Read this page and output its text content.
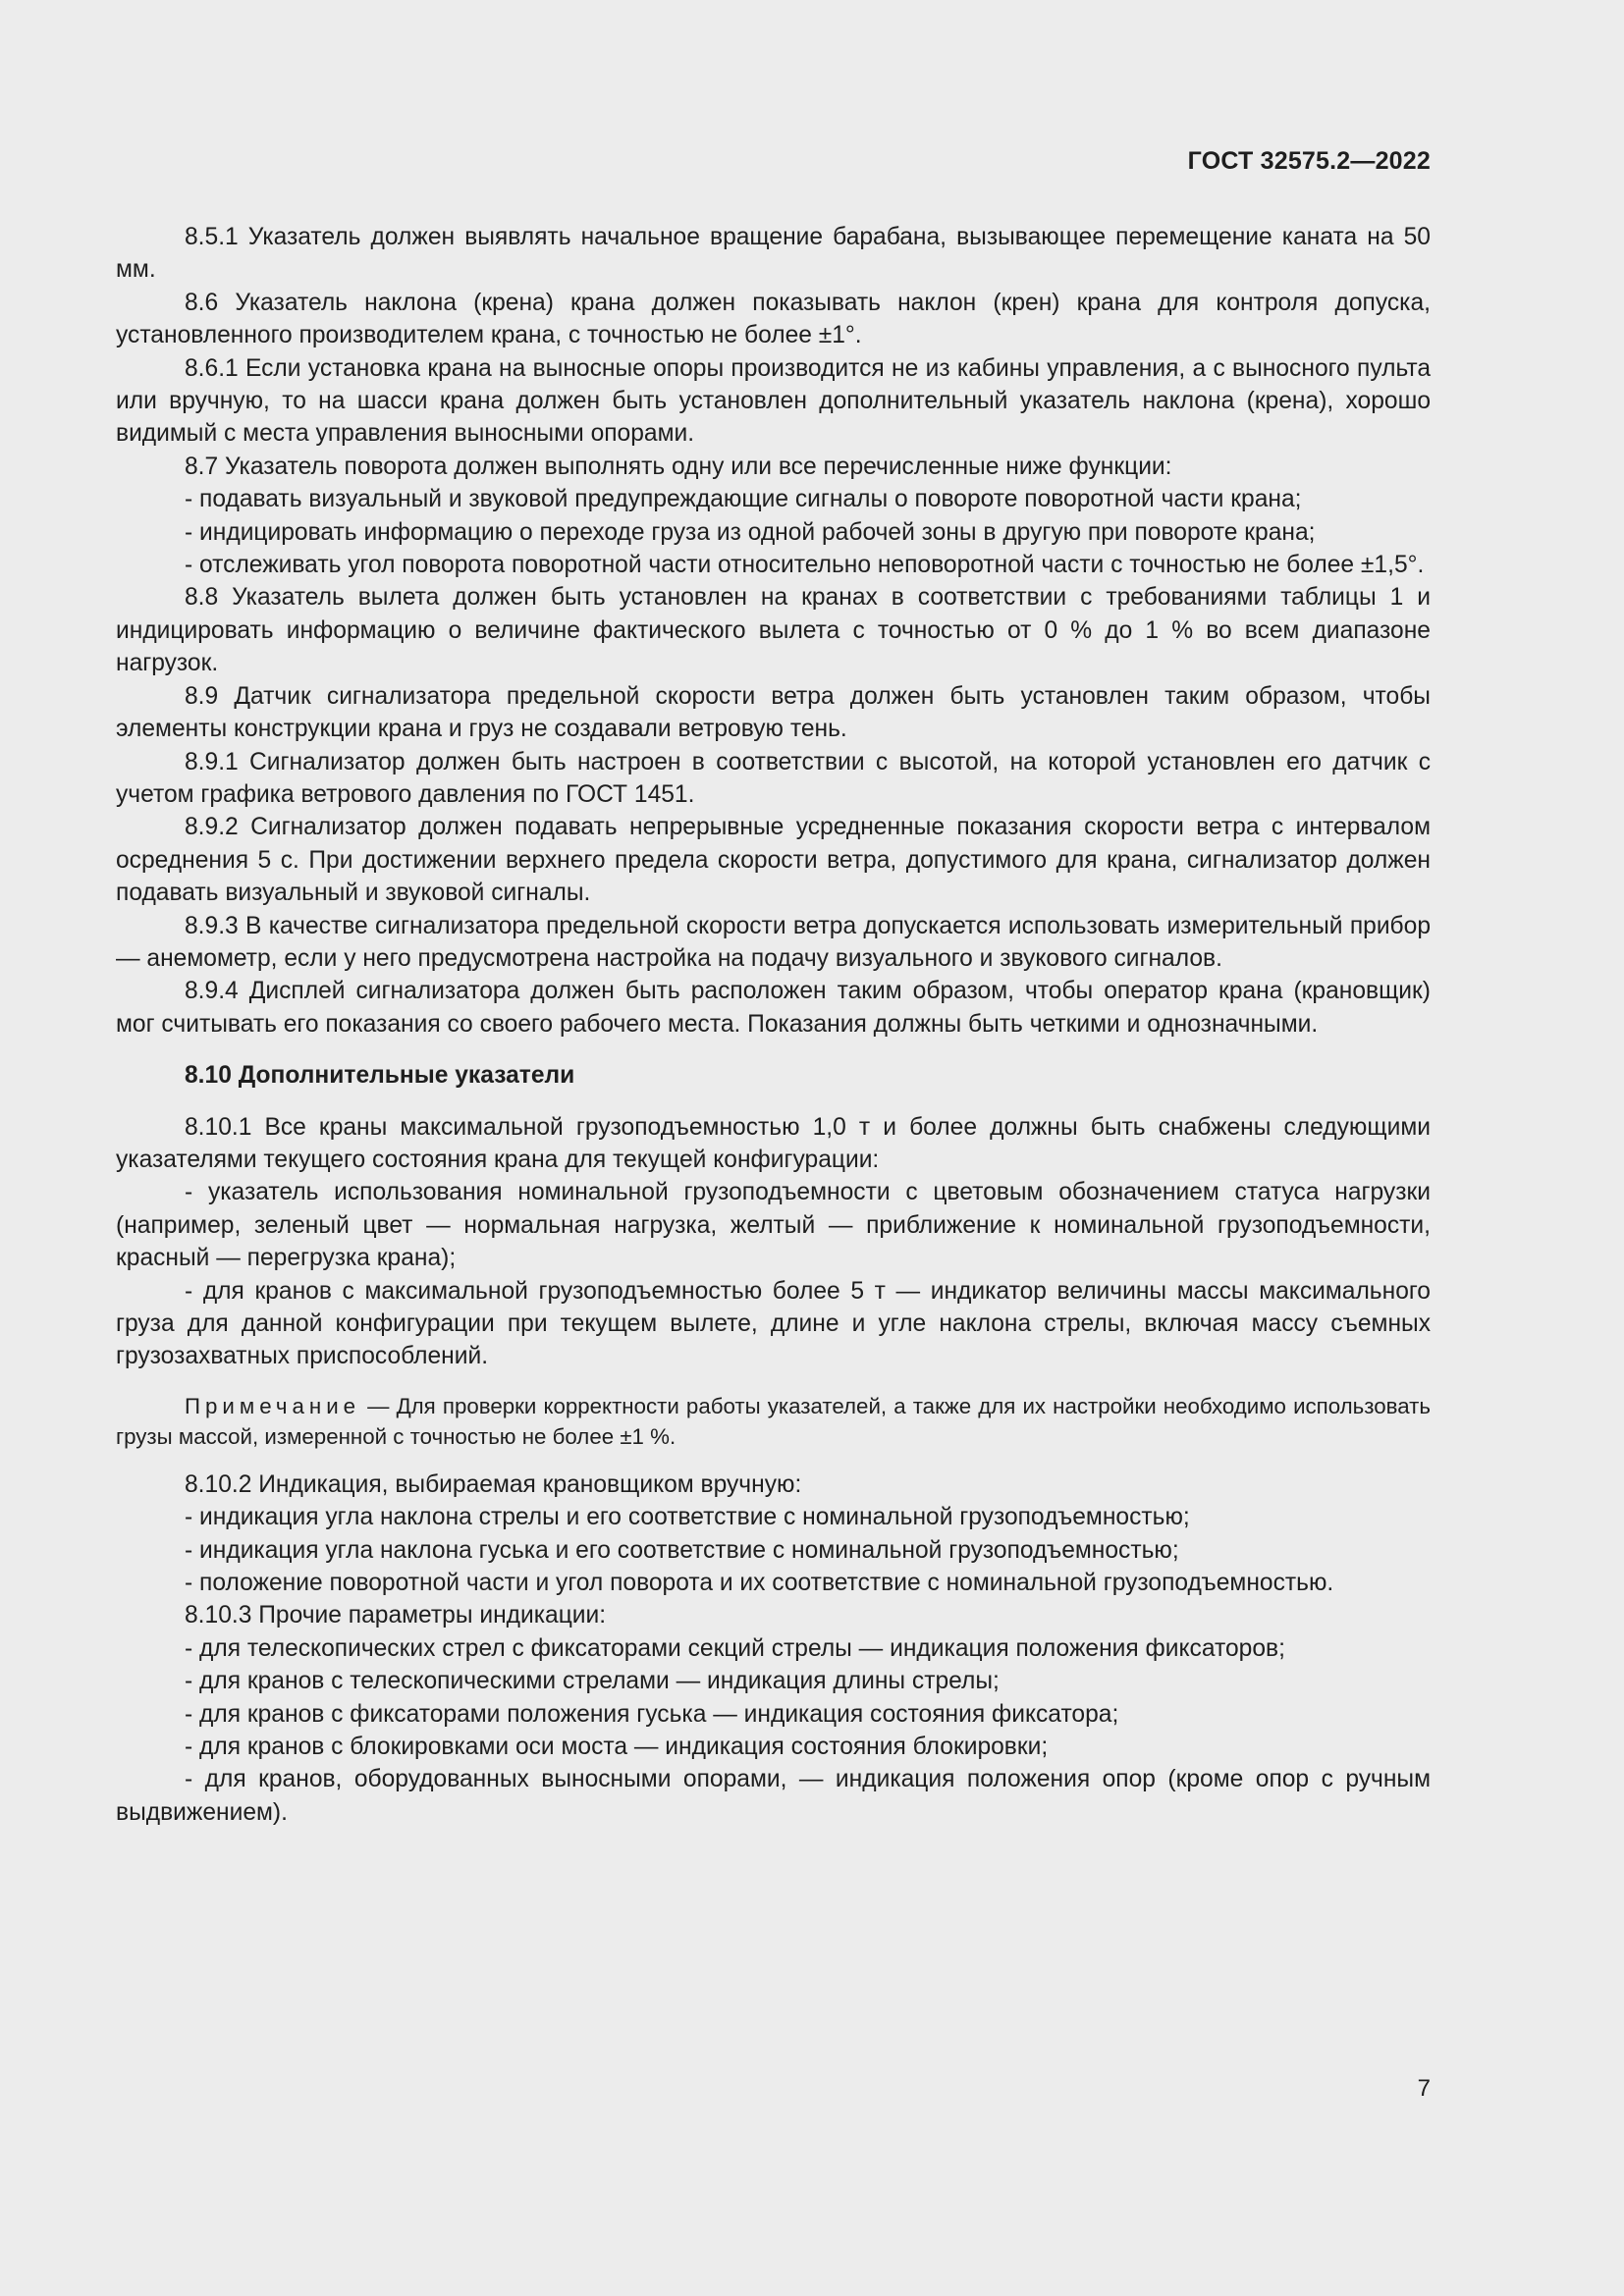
ГОСТ 32575.2—2022

8.5.1 Указатель должен выявлять начальное вращение барабана, вызывающее перемещение каната на 50 мм.

8.6 Указатель наклона (крена) крана должен показывать наклон (крен) крана для контроля допуска, установленного производителем крана, с точностью не более ±1°.

8.6.1 Если установка крана на выносные опоры производится не из кабины управления, а с выносного пульта или вручную, то на шасси крана должен быть установлен дополнительный указатель наклона (крена), хорошо видимый с места управления выносными опорами.

8.7 Указатель поворота должен выполнять одну или все перечисленные ниже функции:

- подавать визуальный и звуковой предупреждающие сигналы о повороте поворотной части крана;

- индицировать информацию о переходе груза из одной рабочей зоны в другую при повороте крана;

- отслеживать угол поворота поворотной части относительно неповоротной части с точностью не более ±1,5°.

8.8 Указатель вылета должен быть установлен на кранах в соответствии с требованиями таблицы 1 и индицировать информацию о величине фактического вылета с точностью от 0 % до 1 % во всем диапазоне нагрузок.

8.9 Датчик сигнализатора предельной скорости ветра должен быть установлен таким образом, чтобы элементы конструкции крана и груз не создавали ветровую тень.

8.9.1 Сигнализатор должен быть настроен в соответствии с высотой, на которой установлен его датчик с учетом графика ветрового давления по ГОСТ 1451.

8.9.2 Сигнализатор должен подавать непрерывные усредненные показания скорости ветра с интервалом осреднения 5 с. При достижении верхнего предела скорости ветра, допустимого для крана, сигнализатор должен подавать визуальный и звуковой сигналы.

8.9.3 В качестве сигнализатора предельной скорости ветра допускается использовать измерительный прибор — анемометр, если у него предусмотрена настройка на подачу визуального и звукового сигналов.

8.9.4 Дисплей сигнализатора должен быть расположен таким образом, чтобы оператор крана (крановщик) мог считывать его показания со своего рабочего места. Показания должны быть четкими и однозначными.

8.10 Дополнительные указатели

8.10.1 Все краны максимальной грузоподъемностью 1,0 т и более должны быть снабжены следующими указателями текущего состояния крана для текущей конфигурации:

- указатель использования номинальной грузоподъемности с цветовым обозначением статуса нагрузки (например, зеленый цвет — нормальная нагрузка, желтый — приближение к номинальной грузоподъемности, красный — перегрузка крана);

- для кранов с максимальной грузоподъемностью более 5 т — индикатор величины массы максимального груза для данной конфигурации при текущем вылете, длине и угле наклона стрелы, включая массу съемных грузозахватных приспособлений.

Примечание — Для проверки корректности работы указателей, а также для их настройки необходимо использовать грузы массой, измеренной с точностью не более ±1 %.

8.10.2 Индикация, выбираемая крановщиком вручную:

- индикация угла наклона стрелы и его соответствие с номинальной грузоподъемностью;

- индикация угла наклона гуська и его соответствие с номинальной грузоподъемностью;

- положение поворотной части и угол поворота и их соответствие с номинальной грузоподъемностью.

8.10.3 Прочие параметры индикации:

- для телескопических стрел с фиксаторами секций стрелы — индикация положения фиксаторов;

- для кранов с телескопическими стрелами — индикация длины стрелы;

- для кранов с фиксаторами положения гуська — индикация состояния фиксатора;

- для кранов с блокировками оси моста — индикация состояния блокировки;

- для кранов, оборудованных выносными опорами, — индикация положения опор (кроме опор с ручным выдвижением).

7
